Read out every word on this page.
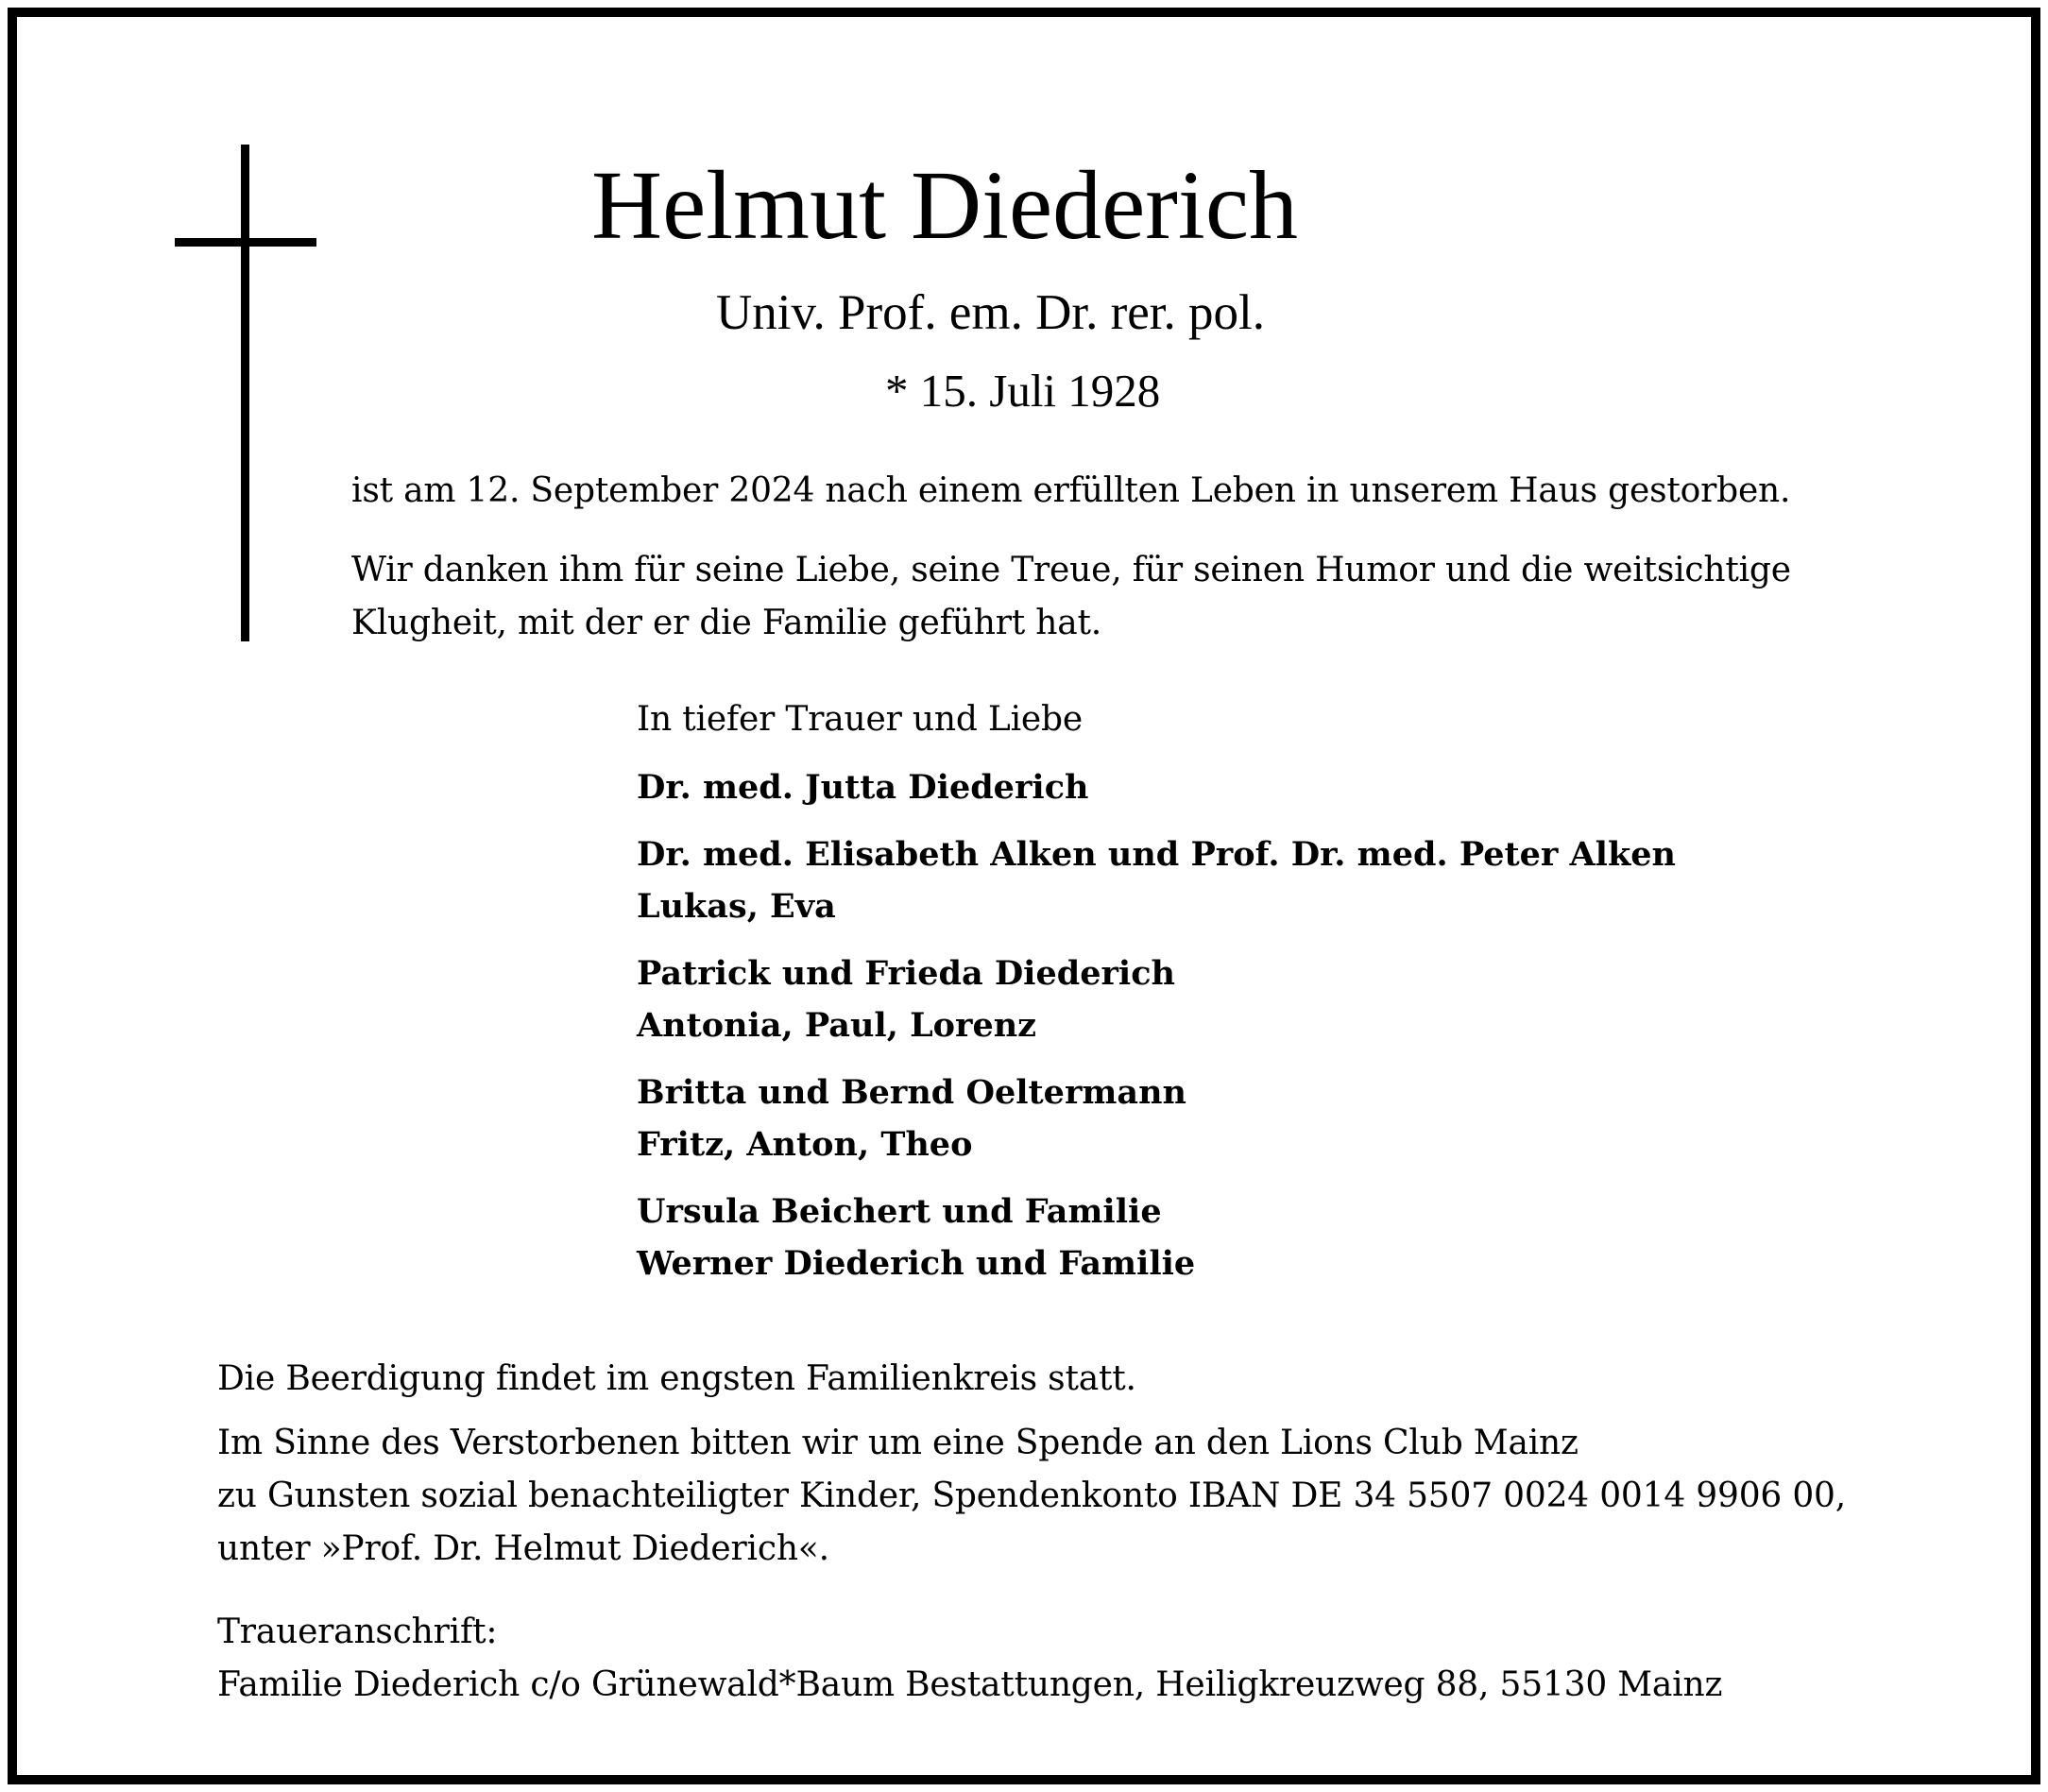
Helmut Diederich
Univ. Prof. em. Dr. rer. pol.
* 15. Juli 1928
ist am 12. September 2024 nach einem erfüllten Leben in unserem Haus gestorben.
Wir danken ihm für seine Liebe, seine Treue, für seinen Humor und die weitsichtige
Klugheit, mit der er die Familie geführt hat.
In tiefer Trauer und Liebe
Dr. med. Jutta Diederich
Dr. med. Elisabeth Alken und Prof. Dr. med. Peter Alken
Lukas, Eva
Patrick und Frieda Diederich
Antonia, Paul, Lorenz
Britta und Bernd Oeltermann
Fritz, Anton, Theo
Ursula Beichert und Familie
Werner Diederich und Familie
Die Beerdigung findet im engsten Familienkreis statt.
Im Sinne des Verstorbenen bitten wir um eine Spende an den Lions Club Mainz
zu Gunsten sozial benachteiligter Kinder, Spendenkonto IBAN DE 34 5507 0024 0014 9906 00,
unter »Prof. Dr. Helmut Diederich«.
Traueranschrift:
Familie Diederich c/o Grünewald*Baum Bestattungen, Heiligkreuzweg 88, 55130 Mainz
